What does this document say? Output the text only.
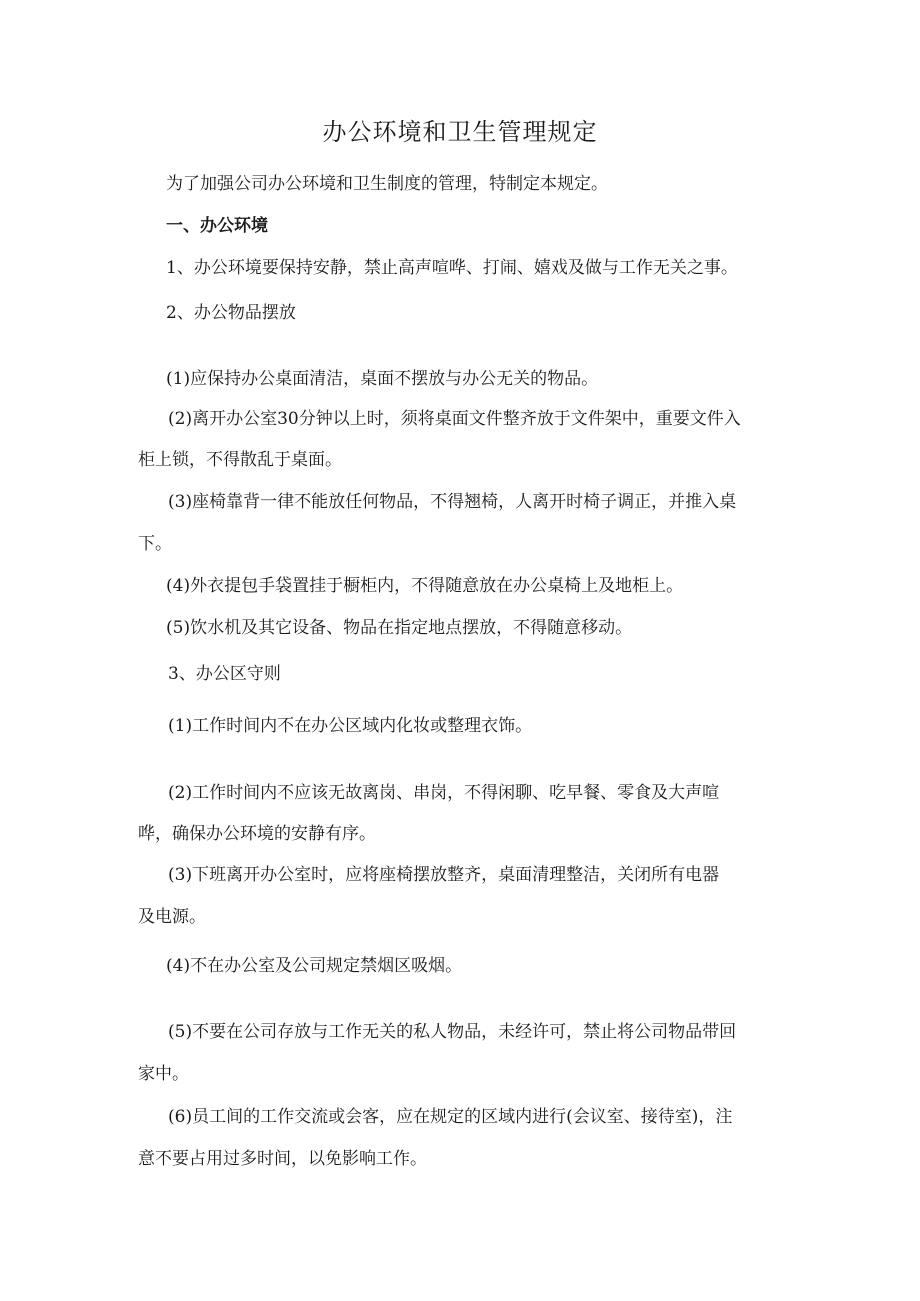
办公环境和卫生管理规定

为了加强公司办公环境和卫生制度的管理，特制定本规定。

一、办公环境

1、办公环境要保持安静，禁止高声喧哗、打闹、嬉戏及做与工作无关之事。

2、办公物品摆放

(1)应保持办公桌面清洁，桌面不摆放与办公无关的物品。

(2)离开办公室30分钟以上时，须将桌面文件整齐放于文件架中，重要文件入

柜上锁，不得散乱于桌面。

(3)座椅靠背一律不能放任何物品，不得翘椅，人离开时椅子调正，并推入桌

下。

(4)外衣提包手袋置挂于橱柜内，不得随意放在办公桌椅上及地柜上。

(5)饮水机及其它设备、物品在指定地点摆放，不得随意移动。

3、办公区守则

(1)工作时间内不在办公区域内化妆或整理衣饰。

(2)工作时间内不应该无故离岗、串岗，不得闲聊、吃早餐、零食及大声喧

哗，确保办公环境的安静有序。

(3)下班离开办公室时，应将座椅摆放整齐，桌面清理整洁，关闭所有电器

及电源。

(4)不在办公室及公司规定禁烟区吸烟。

(5)不要在公司存放与工作无关的私人物品，未经许可，禁止将公司物品带回

家中。

(6)员工间的工作交流或会客，应在规定的区域内进行(会议室、接待室)，注

意不要占用过多时间，以免影响工作。
